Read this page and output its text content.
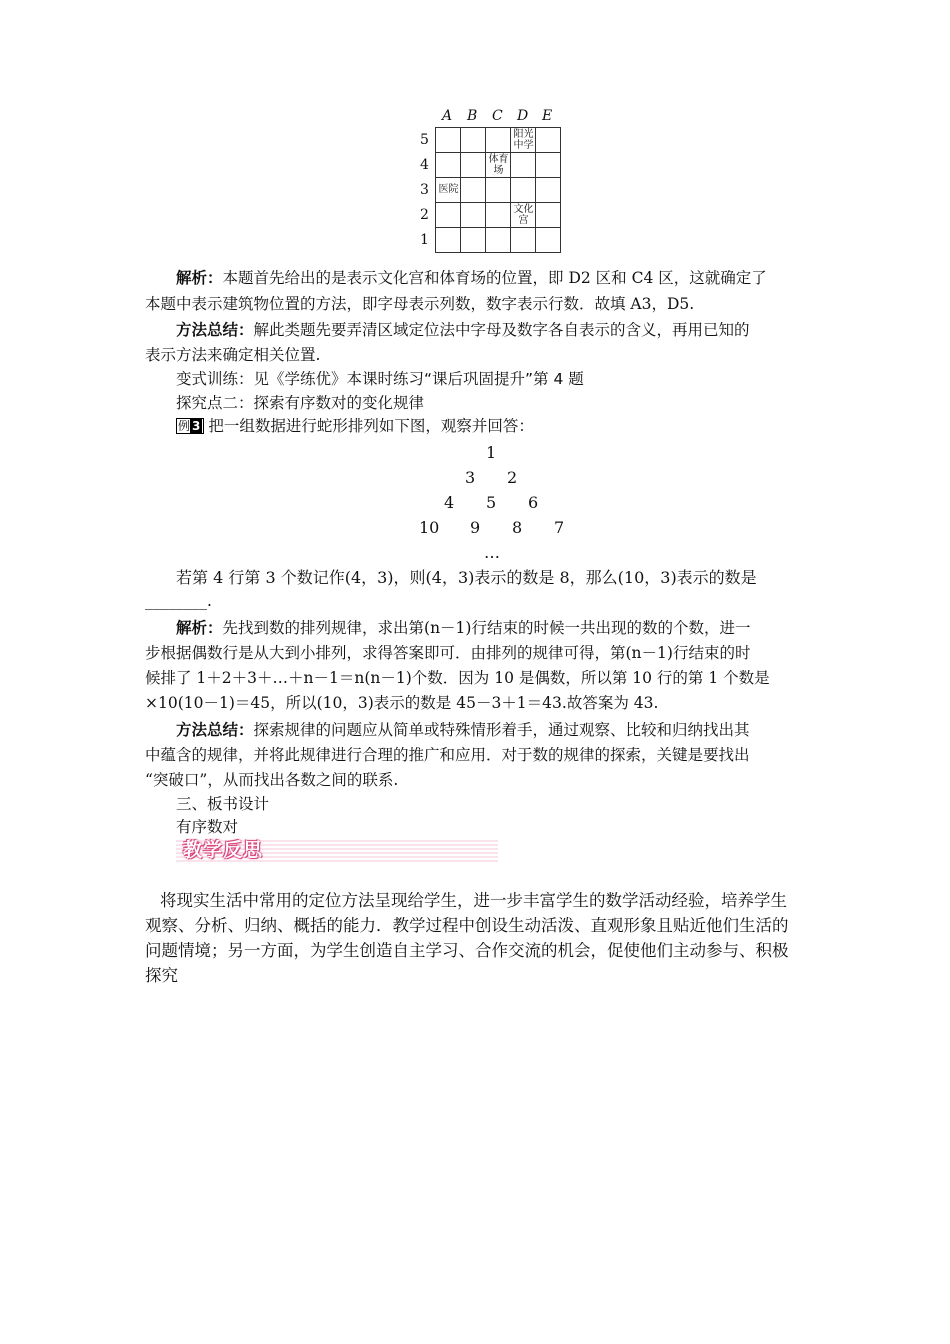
A B C D E
5
4
3
2
1
阳光
中学
体育
场
医院
文化
宫
解析：本题首先给出的是表示文化宫和体育场的位置，即 D2 区和 C4 区，这就确定了
本题中表示建筑物位置的方法，即字母表示列数，数字表示行数．故填 A3，D5.
方法总结：解此类题先要弄清区域定位法中字母及数字各自表示的含义，再用已知的
表示方法来确定相关位置.
变式训练：见《学练优》本课时练习“课后巩固提升”第 4 题
探究点二：探索有序数对的变化规律
例 3 把一组数据进行蛇形排列如下图，观察并回答：
1
3 2
4 5 6
10 9 8 7
…
若第 4 行第 3 个数记作(4，3)，则(4，3)表示的数是 8，那么(10，3)表示的数是
________.
解析：先找到数的排列规律，求出第(n－1)行结束的时候一共出现的数的个数，进一
步根据偶数行是从大到小排列，求得答案即可．由排列的规律可得，第(n－1)行结束的时
候排了 1＋2＋3＋…＋n－1＝n(n－1)个数．因为 10 是偶数，所以第 10 行的第 1 个数是
×10(10－1)＝45，所以(10，3)表示的数是 45－3＋1＝43.故答案为 43.
方法总结：探索规律的问题应从简单或特殊情形着手，通过观察、比较和归纳找出其
中蕴含的规律，并将此规律进行合理的推广和应用．对于数的规律的探索，关键是要找出
“突破口”，从而找出各数之间的联系.
三、板书设计
有序数对
教学反思
将现实生活中常用的定位方法呈现给学生，进一步丰富学生的数学活动经验，培养学生
观察、分析、归纳、概括的能力．教学过程中创设生动活泼、直观形象且贴近他们生活的
问题情境；另一方面，为学生创造自主学习、合作交流的机会，促使他们主动参与、积极
探究
